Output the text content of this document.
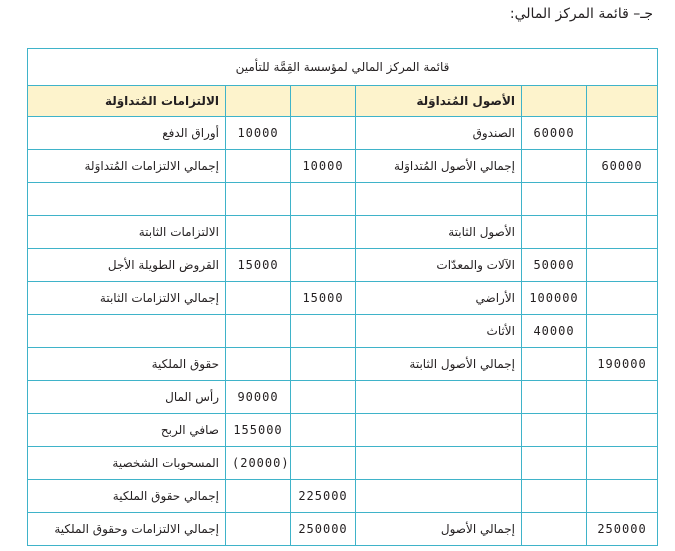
جـ– قائمة المركز المالي:
قائمة المركز المالي لمؤسسة القِمَّة للتأمين					
الالتزامات المُتداوَلة			الأصول المُتداوَلة		
أوراق الدفع	10000		الصندوق	60000	
إجمالي الالتزامات المُتداوَلة		10000	إجمالي الأصول المُتداوَلة		60000

الالتزامات الثابتة			الأصول الثابتة		
القروض الطويلة الأجل	15000		الآلات والمعدّات	50000	
إجمالي الالتزامات الثابتة		15000	الأراضي	100000	
			الأثاث	40000	
حقوق الملكية			إجمالي الأصول الثابتة		190000
رأس المال	90000				
صافي الربح	155000				
المسحوبات الشخصية	(20000)				
إجمالي حقوق الملكية		225000			
إجمالي الالتزامات وحقوق الملكية		250000	إجمالي الأصول		250000
